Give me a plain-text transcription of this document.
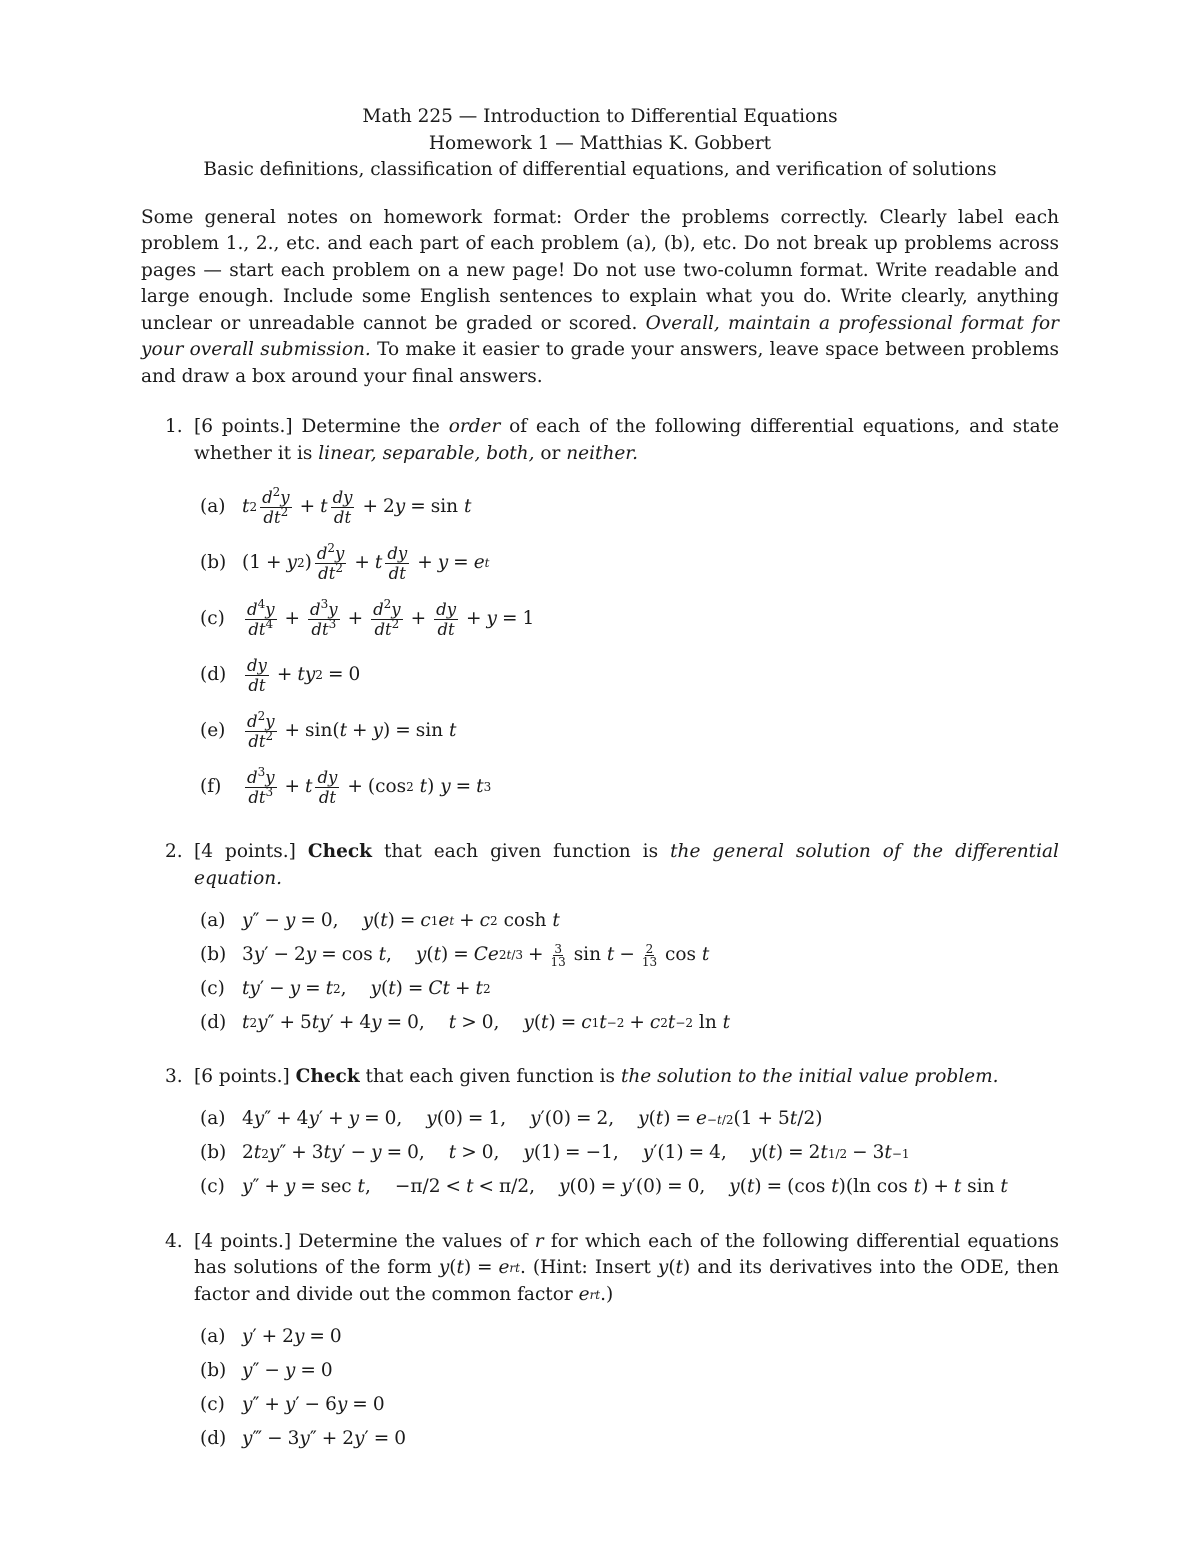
Math 225 — Introduction to Differential Equations
Homework 1 — Matthias K. Gobbert
Basic definitions, classification of differential equations, and verification of solutions
Some general notes on homework format: Order the problems correctly. Clearly label each problem 1., 2., etc. and each part of each problem (a), (b), etc. Do not break up problems across pages — start each problem on a new page! Do not use two-column format. Write readable and large enough. Include some English sentences to explain what you do. Write clearly, anything unclear or unreadable cannot be graded or scored. Overall, maintain a professional format for your overall submission. To make it easier to grade your answers, leave space between problems and draw a box around your final answers.
1. [6 points.] Determine the order of each of the following differential equations, and state whether it is linear, separable, both, or neither.
(a) t $2 \frac{d^2y}{dt^2} + t \frac{dy}{dt} + 2$ y = sin t
(b) (1 + y 2 ) $\frac{d^2y}{dt^2} + t \frac{dy}{dt} + y = e$ t
(c)	$\frac{d^4y}{dt^4} + \frac{d^3y}{dt^3} + \frac{d^2y}{dt^2} + \frac{dy}{dt} + y = 1$
(d)	$\frac{dy}{dt}$ + ty 2 = 0
(e)	$\frac{d^2y}{dt^2} + \sin$( t + y ) = sin t
(f)	$\frac{d^3y}{dt^3} + t \frac{dy}{dt} + (\cos$ 2
t ) y = t 3
2. [4 points.] Check that each given function is the general solution of the differential equation.
(a) y ″ − y = 0, y ( t ) = c 1 e t + c 2 cosh t
(b) 3 y ′ − 2 y = cos t , y ( t ) = Ce $2t/3 + \frac{3}{13}$ $\sin t - \frac{2}{13}$ cos t
(c) ty ′ − y = t 2 , y ( t ) = Ct + t 2
(d) t 2 y ″ + 5 ty ′ + 4 y = 0, t > 0, y ( t ) = c 1 t −2 + c 2 t −2 ln t
3. [6 points.] Check that each given function is the solution to the initial value problem.
(a) 4 y ″ + 4 y ′ + y = 0, y (0) = 1, y ′(0) = 2, y ( t ) = e −t/2 (1 + 5 t /2)
(b) 2 t 2 y ″ + 3 ty ′ − y = 0, t > 0, y (1) = −1, y ′(1) = 4, y ( t ) = 2 t 1/2 − 3 t −1
(c) y ″ + y = sec t , −π/2 < t < π/2, y (0) = y ′(0) = 0, y ( t ) = (cos t )(ln cos t ) + t sin t
4. [4 points.] Determine the values of r for which each of the following differential equations has solutions of the form y ( t ) = e rt . (Hint: Insert y ( t ) and its derivatives into the ODE, then factor and divide out the common factor e rt .)
(a) y ′ + 2 y = 0
(b) y ″ − y = 0
(c) y ″ + y ′ − 6 y = 0
(d) y ‴ − 3 y ″ + 2 y ′ = 0
